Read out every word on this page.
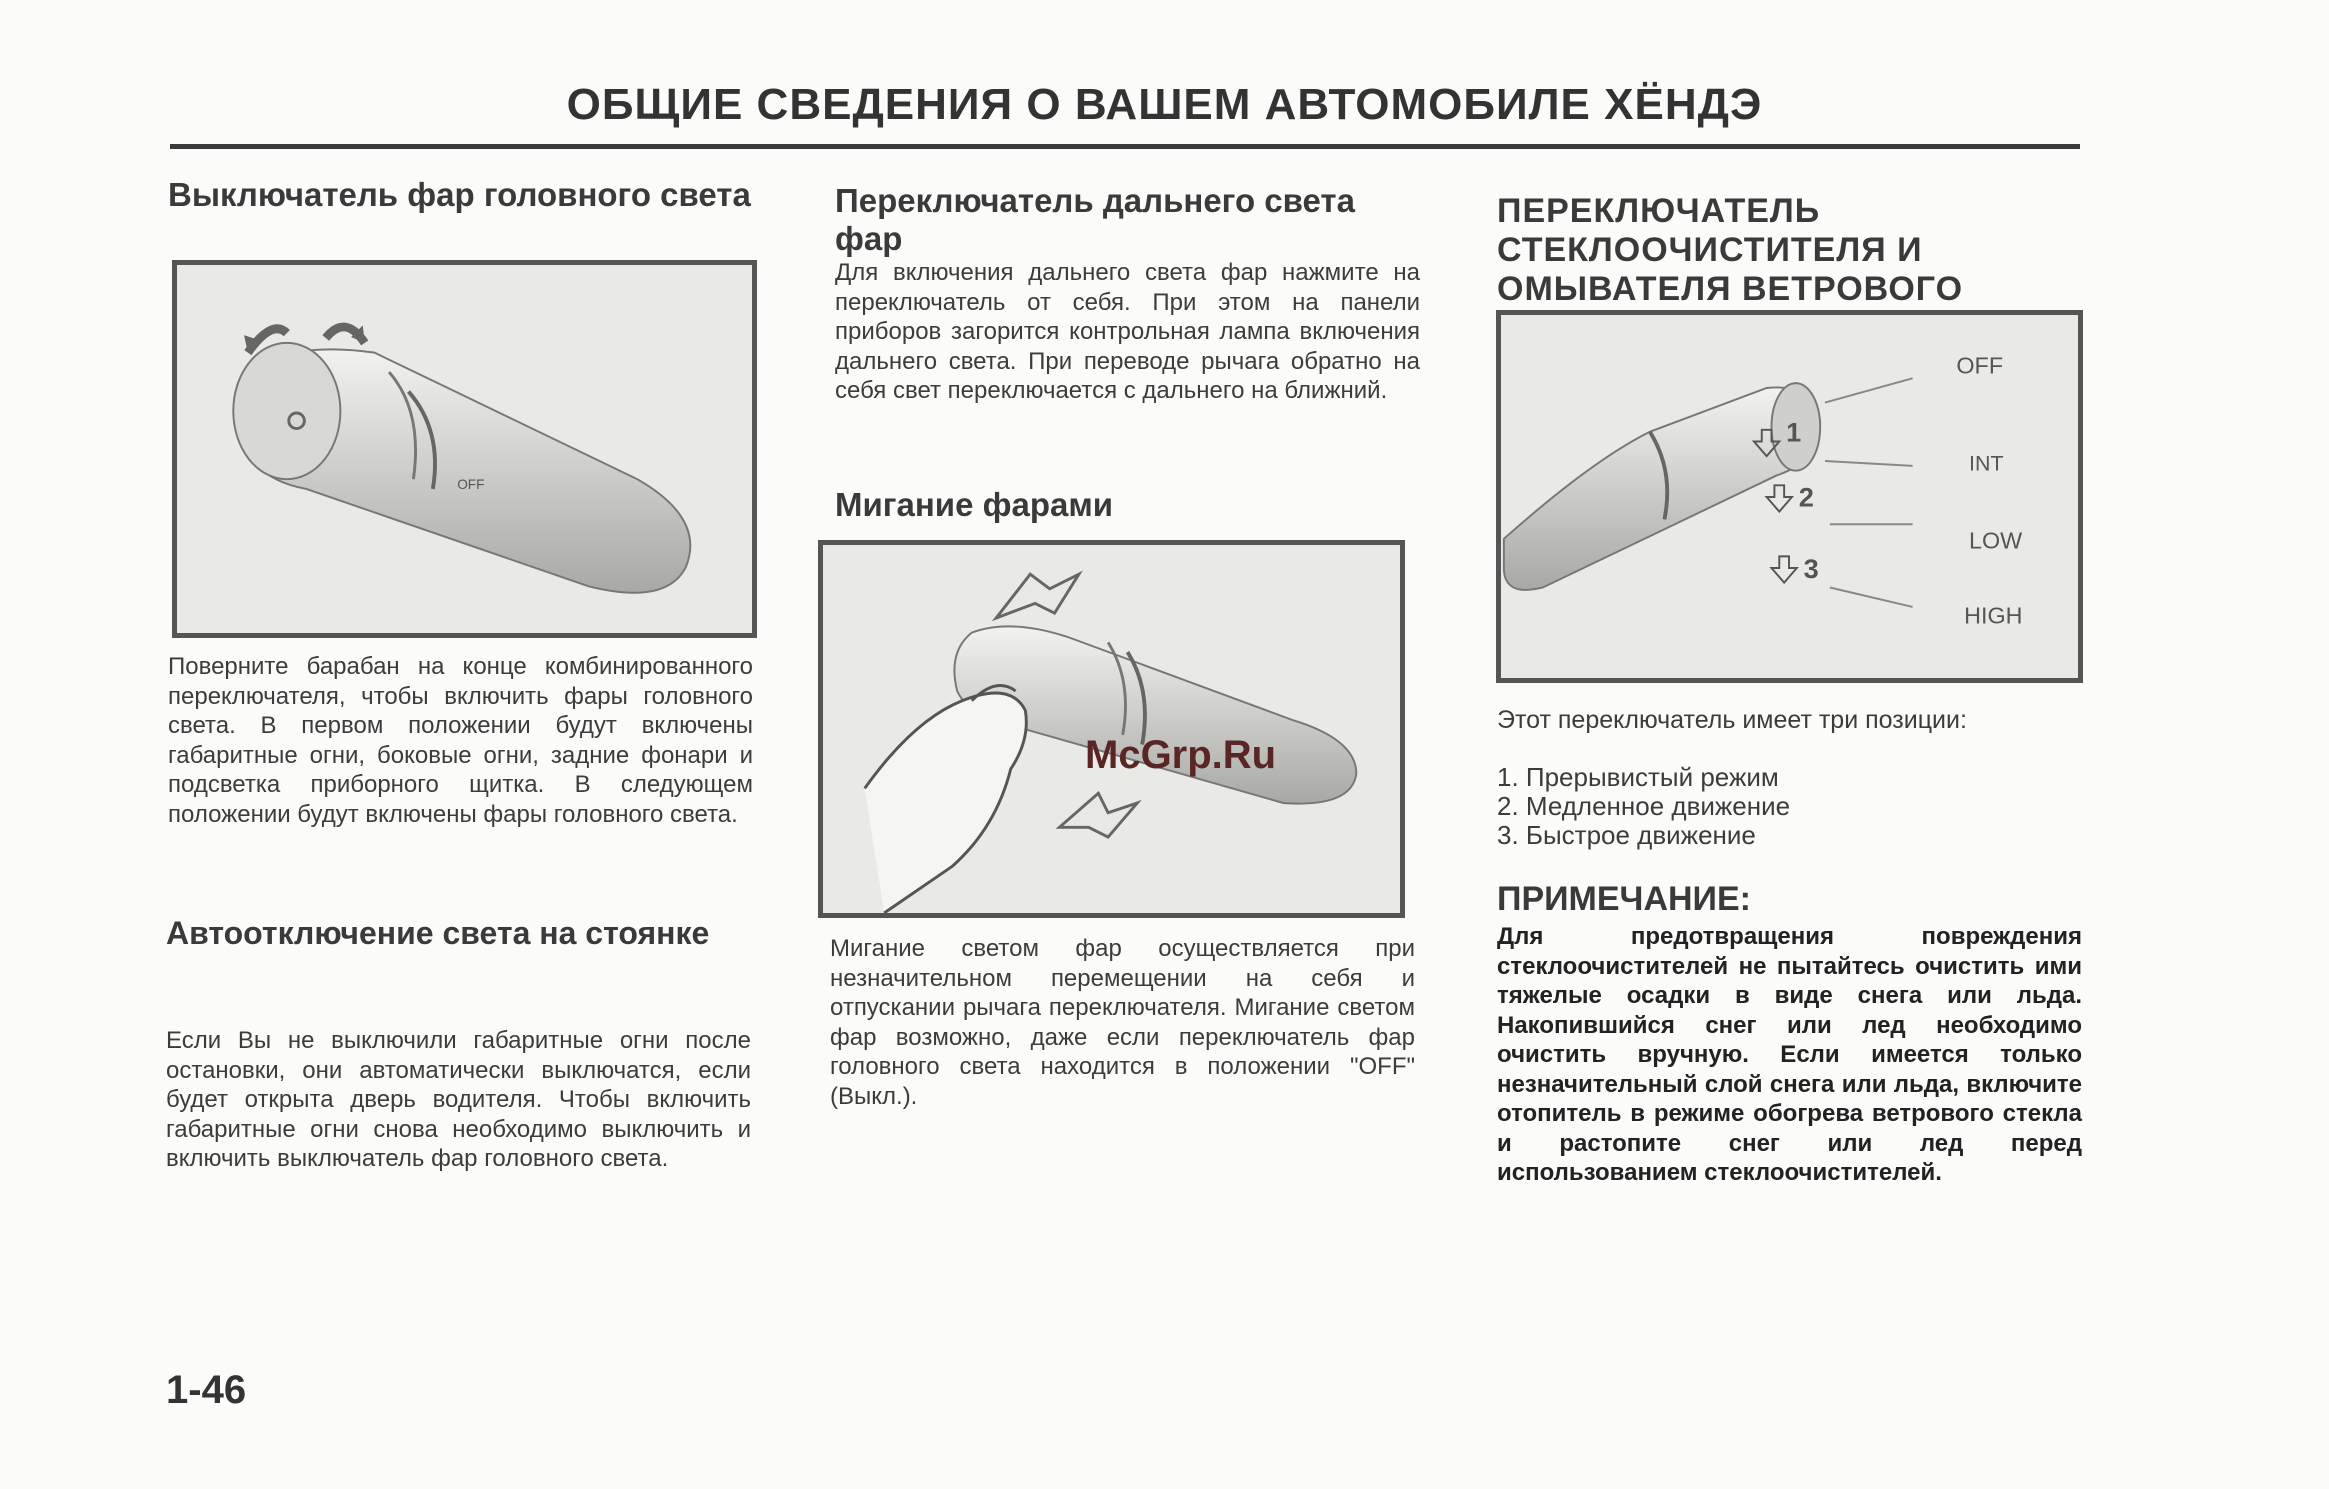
ОБЩИЕ СВЕДЕНИЯ О ВАШЕМ АВТОМОБИЛЕ ХЁНДЭ
Выключатель фар головного света
OFF
Поверните барабан на конце комбинированного переключателя, чтобы включить фары головного света. В первом положении будут включены габаритные огни, боковые огни, задние фонари и подсветка приборного щитка. В следующем положении будут включены фары головного света.
Автоотключение света на стоянке
Если Вы не выключили габаритные огни после остановки, они автоматически выключатся, если будет открыта дверь водителя. Чтобы включить габаритные огни снова необходимо выключить и включить выключатель фар головного света.
Переключатель дальнего света фар
Для включения дальнего света фар нажмите на переключатель от себя. При этом на панели приборов загорится контрольная лампа включения дальнего света. При переводе рычага обратно на себя свет переключается с дальнего на ближний.
Мигание фарами
Мигание светом фар осуществляется при незначительном перемещении на себя и отпускании рычага переключателя. Мигание светом фар возможно, даже если переключатель фар головного света находится в положении "OFF" (Выкл.).
ПЕРЕКЛЮЧАТЕЛЬ СТЕКЛООЧИСТИТЕЛЯ И ОМЫВАТЕЛЯ ВЕТРОВОГО
OFF
1
INT
2
LOW
3
HIGH
Этот переключатель имеет три позиции:
1. Прерывистый режим
2. Медленное движение
3. Быстрое движение
ПРИМЕЧАНИЕ:
Для предотвращения повреждения стеклоочистителей не пытайтесь очистить ими тяжелые осадки в виде снега или льда. Накопившийся снег или лед необходимо очистить вручную. Если имеется только незначительный слой снега или льда, включите отопитель в режиме обогрева ветрового стекла и растопите снег или лед перед использованием стеклоочистителей.
McGrp.Ru
1-46
